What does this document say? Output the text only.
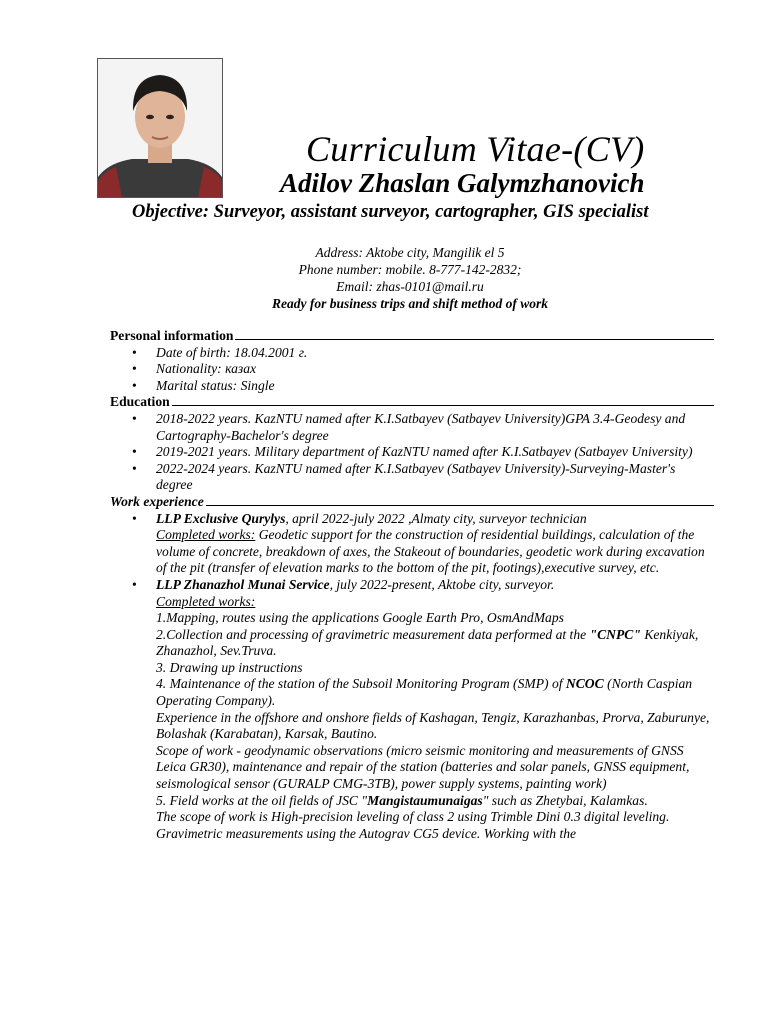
Curriculum Vitae-(CV)
Adilov Zhaslan Galymzhanovich
Objective: Surveyor, assistant surveyor, cartographer, GIS specialist
Address: Aktobe city, Mangilik el 5
Phone number: mobile. 8-777-142-2832;
Email: zhas-0101@mail.ru
Ready for business trips and shift method of work
Personal information
• Date of birth: 18.04.2001 г.
• Nationality: казах
• Marital status: Single
Education
• 2018-2022 years. KazNTU named after K.I.Satbayev (Satbayev University)GPA 3.4-Geodesy and Cartography-Bachelor's degree
• 2019-2021 years. Military department of KazNTU named after K.I.Satbayev (Satbayev University)
• 2022-2024 years. KazNTU named after K.I.Satbayev (Satbayev University)-Surveying-Master's degree
Work experience
• LLP Exclusive Qurylys, april 2022-july 2022 ,Almaty city, surveyor technician
Completed works: Geodetic support for the construction of residential buildings, calculation of the volume of concrete, breakdown of axes, the Stakeout of boundaries, geodetic work during excavation of the pit (transfer of elevation marks to the bottom of the pit, footings),executive survey, etc.
• LLP Zhanazhol Munai Service, july 2022-present, Aktobe city, surveyor.
Completed works:
1.Mapping, routes using the applications Google Earth Pro, OsmAndMaps
2.Collection and processing of gravimetric measurement data performed at the "CNPC" Kenkiyak, Zhanazhol, Sev.Truva.
3. Drawing up instructions
4. Maintenance of the station of the Subsoil Monitoring Program (SMP) of NCOC (North Caspian Operating Company).
Experience in the offshore and onshore fields of Kashagan, Tengiz, Karazhanbas, Prorva, Zaburunye, Bolashak (Karabatan), Karsak, Bautino.
Scope of work - geodynamic observations (micro seismic monitoring and measurements of GNSS Leica GR30), maintenance and repair of the station (batteries and solar panels, GNSS equipment, seismological sensor (GURALP CMG-3TB), power supply systems, painting work)
5. Field works at the oil fields of JSC "Mangistaumunaigas" such as Zhetybai, Kalamkas.
The scope of work is High-precision leveling of class 2 using Trimble Dini 0.3 digital leveling. Gravimetric measurements using the Autograv CG5 device. Working with the
